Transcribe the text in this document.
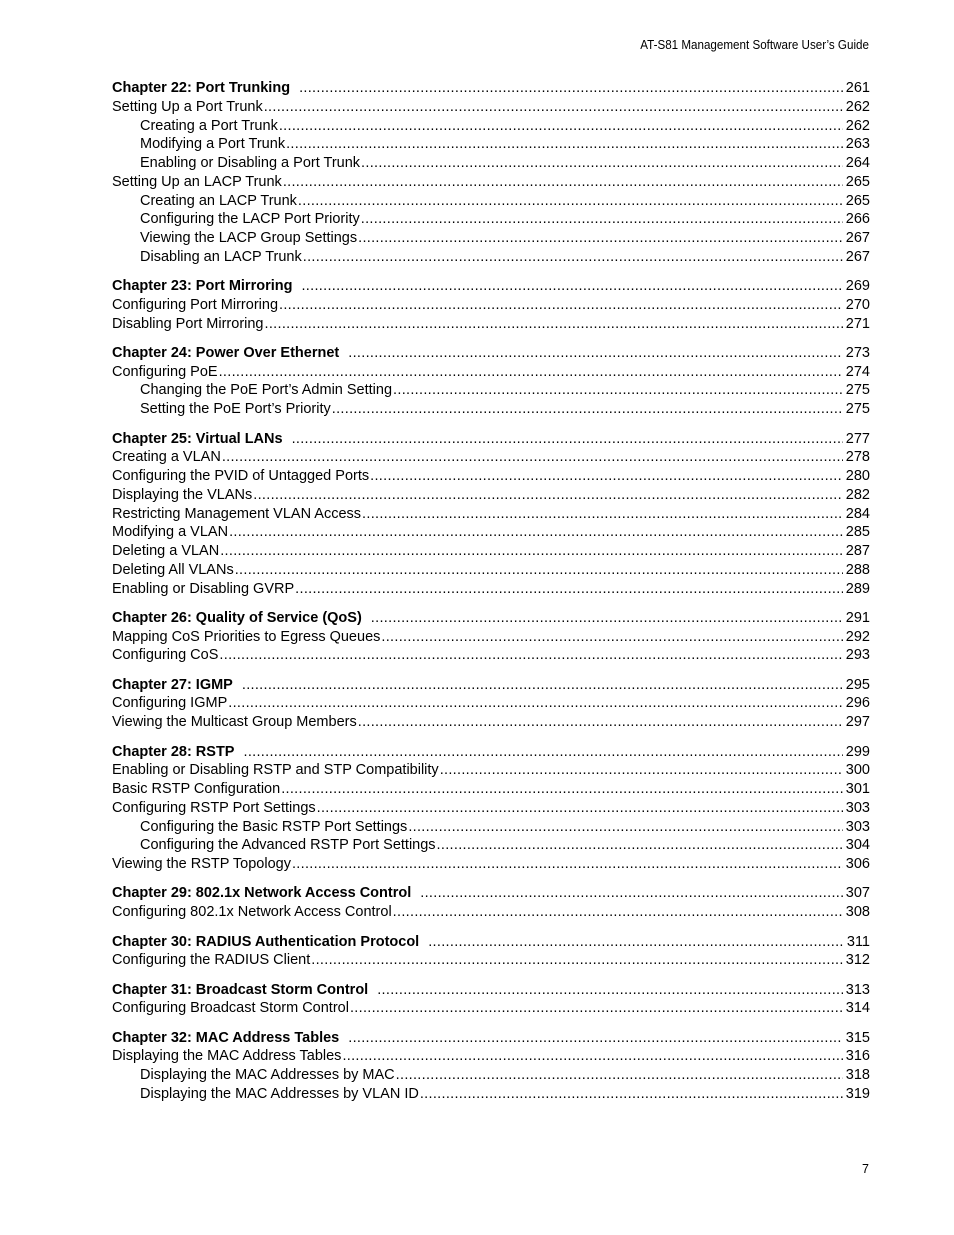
AT-S81 Management Software User’s Guide
Chapter 22: Port Trunking .....	261
Setting Up a Port Trunk .....	262
Creating a Port Trunk .....	262
Modifying a Port Trunk .....	263
Enabling or Disabling a Port Trunk .....	264
Setting Up an LACP Trunk .....	265
Creating an LACP Trunk .....	265
Configuring the LACP Port Priority .....	266
Viewing the LACP Group Settings .....	267
Disabling an LACP Trunk .....	267
Chapter 23: Port Mirroring .....	269
Configuring Port Mirroring .....	270
Disabling Port Mirroring .....	271
Chapter 24: Power Over Ethernet .....	273
Configuring PoE .....	274
Changing the PoE Port’s Admin Setting .....	275
Setting the PoE Port’s Priority .....	275
Chapter 25: Virtual LANs .....	277
Creating a VLAN .....	278
Configuring the PVID of Untagged Ports .....	280
Displaying the VLANs .....	282
Restricting Management VLAN Access .....	284
Modifying a VLAN .....	285
Deleting a VLAN .....	287
Deleting All VLANs .....	288
Enabling or Disabling GVRP .....	289
Chapter 26: Quality of Service (QoS) .....	291
Mapping CoS Priorities to Egress Queues .....	292
Configuring CoS .....	293
Chapter 27: IGMP .....	295
Configuring IGMP .....	296
Viewing the Multicast Group Members .....	297
Chapter 28: RSTP .....	299
Enabling or Disabling RSTP and STP Compatibility .....	300
Basic RSTP Configuration .....	301
Configuring RSTP Port Settings .....	303
Configuring the Basic RSTP Port Settings .....	303
Configuring the Advanced RSTP Port Settings .....	304
Viewing the RSTP Topology .....	306
Chapter 29: 802.1x Network Access Control .....	307
Configuring 802.1x Network Access Control .....	308
Chapter 30: RADIUS Authentication Protocol .....	311
Configuring the RADIUS Client .....	312
Chapter 31: Broadcast Storm Control .....	313
Configuring Broadcast Storm Control .....	314
Chapter 32: MAC Address Tables .....	315
Displaying the MAC Address Tables .....	316
Displaying the MAC Addresses by MAC .....	318
Displaying the MAC Addresses by VLAN ID .....	319
7
